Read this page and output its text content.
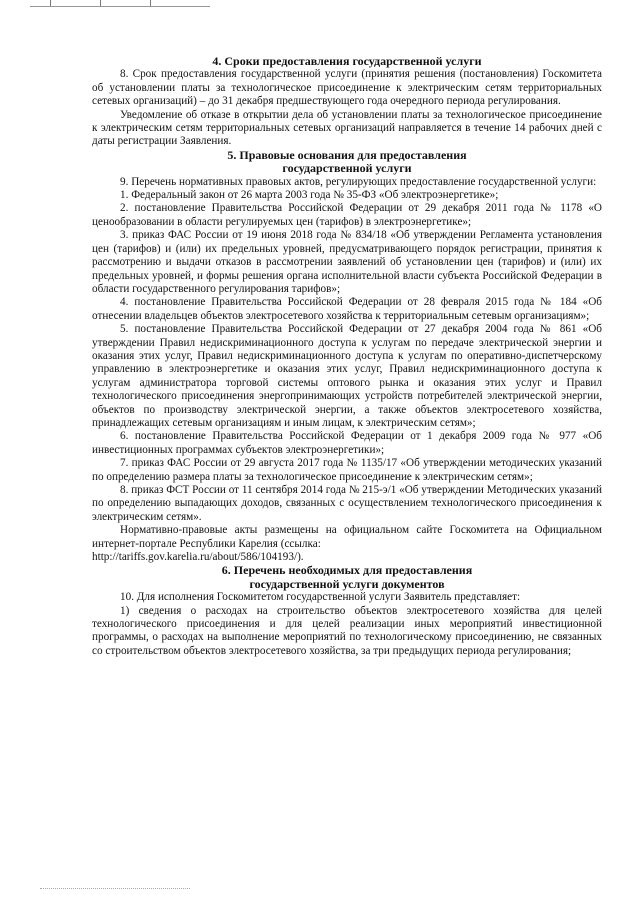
4. Сроки предоставления государственной услуги

8. Срок предоставления государственной услуги (принятия решения (постановления) Госкомитета об установлении платы за технологическое присоединение к электрическим сетям территориальных сетевых организаций) – до 31 декабря предшествующего года очередного периода регулирования.

Уведомление об отказе в открытии дела об установлении платы за технологическое присоединение к электрическим сетям территориальных сетевых организаций направляется в течение 14 рабочих дней с даты регистрации Заявления.

5. Правовые основания для предоставления
государственной услуги

9. Перечень нормативных правовых актов, регулирующих предоставление государственной услуги:

1. Федеральный закон от 26 марта 2003 года № 35-ФЗ «Об электроэнергетике»;

2. постановление Правительства Российской Федерации от 29 декабря 2011 года № 1178 «О ценообразовании в области регулируемых цен (тарифов) в электроэнергетике»;

3. приказ ФАС России от 19 июня 2018 года № 834/18 «Об утверждении Регламента установления цен (тарифов) и (или) их предельных уровней, предусматривающего порядок регистрации, принятия к рассмотрению и выдачи отказов в рассмотрении заявлений об установлении цен (тарифов) и (или) их предельных уровней, и формы решения органа исполнительной власти субъекта Российской Федерации в области государственного регулирования тарифов»;

4. постановление Правительства Российской Федерации от 28 февраля 2015 года № 184 «Об отнесении владельцев объектов электросетевого хозяйства к территориальным сетевым организациям»;

5. постановление Правительства Российской Федерации от 27 декабря 2004 года № 861 «Об утверждении Правил недискриминационного доступа к услугам по передаче электрической энергии и оказания этих услуг, Правил недискриминационного доступа к услугам по оперативно-диспетчерскому управлению в электроэнергетике и оказания этих услуг, Правил недискриминационного доступа к услугам администратора торговой системы оптового рынка и оказания этих услуг и Правил технологического присоединения энергопринимающих устройств потребителей электрической энергии, объектов по производству электрической энергии, а также объектов электросетевого хозяйства, принадлежащих сетевым организациям и иным лицам, к электрическим сетям»;

6. постановление Правительства Российской Федерации от 1 декабря 2009 года № 977 «Об инвестиционных программах субъектов электроэнергетики»;

7. приказ ФАС России от 29 августа 2017 года № 1135/17 «Об утверждении методических указаний по определению размера платы за технологическое присоединение к электрическим сетям»;

8. приказ ФСТ России от 11 сентября 2014 года № 215-э/1 «Об утверждении Методических указаний по определению выпадающих доходов, связанных с осуществлением технологического присоединения к электрическим сетям».

Нормативно-правовые акты размещены на официальном сайте Госкомитета на Официальном интернет-портале Республики Карелия (ссылка:

http://tariffs.gov.karelia.ru/about/586/104193/).

6. Перечень необходимых для предоставления
государственной услуги документов

10. Для исполнения Госкомитетом государственной услуги Заявитель представляет:

1) сведения о расходах на строительство объектов электросетевого хозяйства для целей технологического присоединения и для целей реализации иных мероприятий инвестиционной программы, о расходах на выполнение мероприятий по технологическому присоединению, не связанных со строительством объектов электросетевого хозяйства, за три предыдущих периода регулирования;
